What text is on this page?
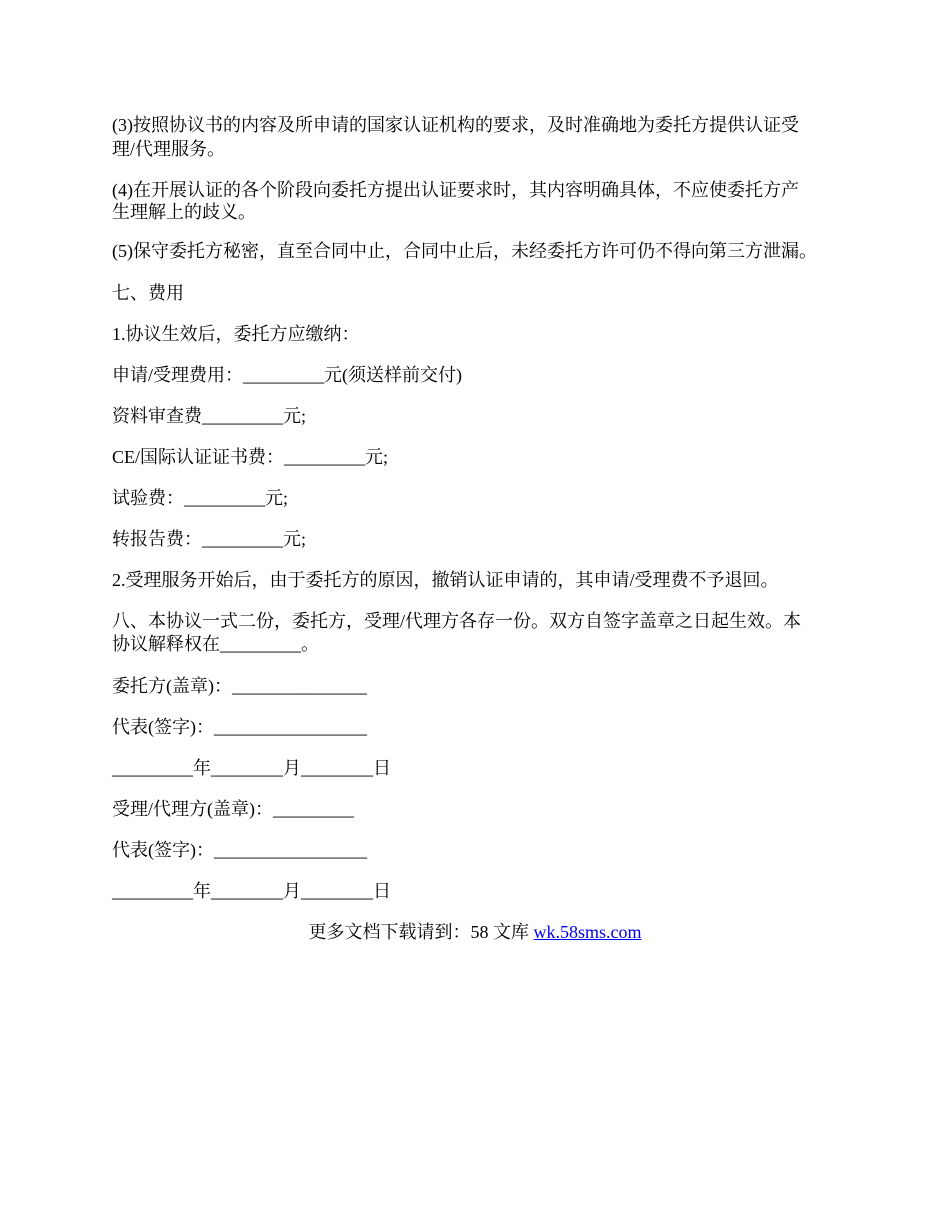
(3)按照协议书的内容及所申请的国家认证机构的要求，及时准确地为委托方提供认证受
理/代理服务。
(4)在开展认证的各个阶段向委托方提出认证要求时，其内容明确具体，不应使委托方产
生理解上的歧义。
(5)保守委托方秘密，直至合同中止，合同中止后，未经委托方许可仍不得向第三方泄漏。
七、费用
1.协议生效后，委托方应缴纳：
申请/受理费用：_________元(须送样前交付)
资料审查费_________元;
CE/国际认证证书费：_________元;
试验费：_________元;
转报告费：_________元;
2.受理服务开始后，由于委托方的原因，撤销认证申请的，其申请/受理费不予退回。
八、本协议一式二份，委托方，受理/代理方各存一份。双方自签字盖章之日起生效。本
协议解释权在_________。
委托方(盖章)：_______________
代表(签字)：_________________
_________年________月________日
受理/代理方(盖章)：_________
代表(签字)：_________________
_________年________月________日
更多文档下载请到：58 文库 wk.58sms.com
